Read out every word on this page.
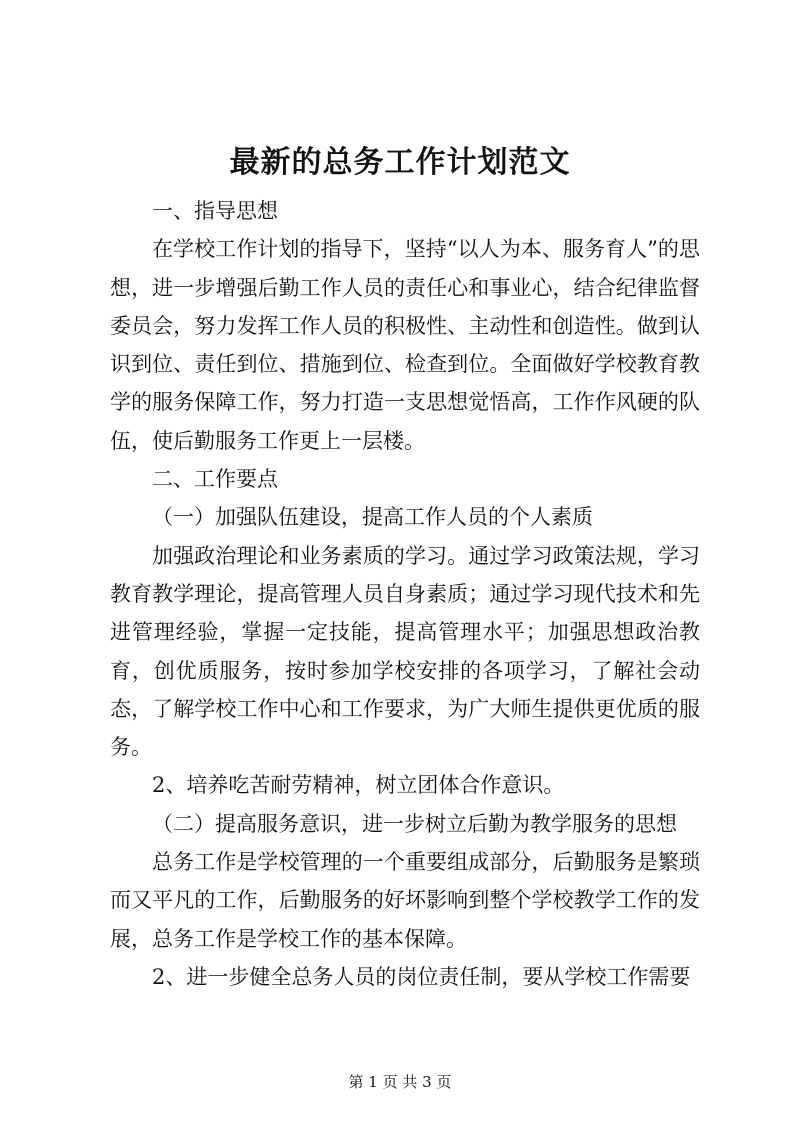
最新的总务工作计划范文

一、指导思想

在学校工作计划的指导下，坚持“以人为本、服务育人”的思想，进一步增强后勤工作人员的责任心和事业心，结合纪律监督委员会，努力发挥工作人员的积极性、主动性和创造性。做到认识到位、责任到位、措施到位、检查到位。全面做好学校教育教学的服务保障工作，努力打造一支思想觉悟高，工作作风硬的队伍，使后勤服务工作更上一层楼。

二、工作要点

（一）加强队伍建设，提高工作人员的个人素质

加强政治理论和业务素质的学习。通过学习政策法规，学习教育教学理论，提高管理人员自身素质；通过学习现代技术和先进管理经验，掌握一定技能，提高管理水平；加强思想政治教育，创优质服务，按时参加学校安排的各项学习，了解社会动态，了解学校工作中心和工作要求，为广大师生提供更优质的服务。

2、培养吃苦耐劳精神，树立团体合作意识。

（二）提高服务意识，进一步树立后勤为教学服务的思想

总务工作是学校管理的一个重要组成部分，后勤服务是繁琐而又平凡的工作，后勤服务的好坏影响到整个学校教学工作的发展，总务工作是学校工作的基本保障。

2、进一步健全总务人员的岗位责任制，要从学校工作需要

第 1 页 共 3 页
